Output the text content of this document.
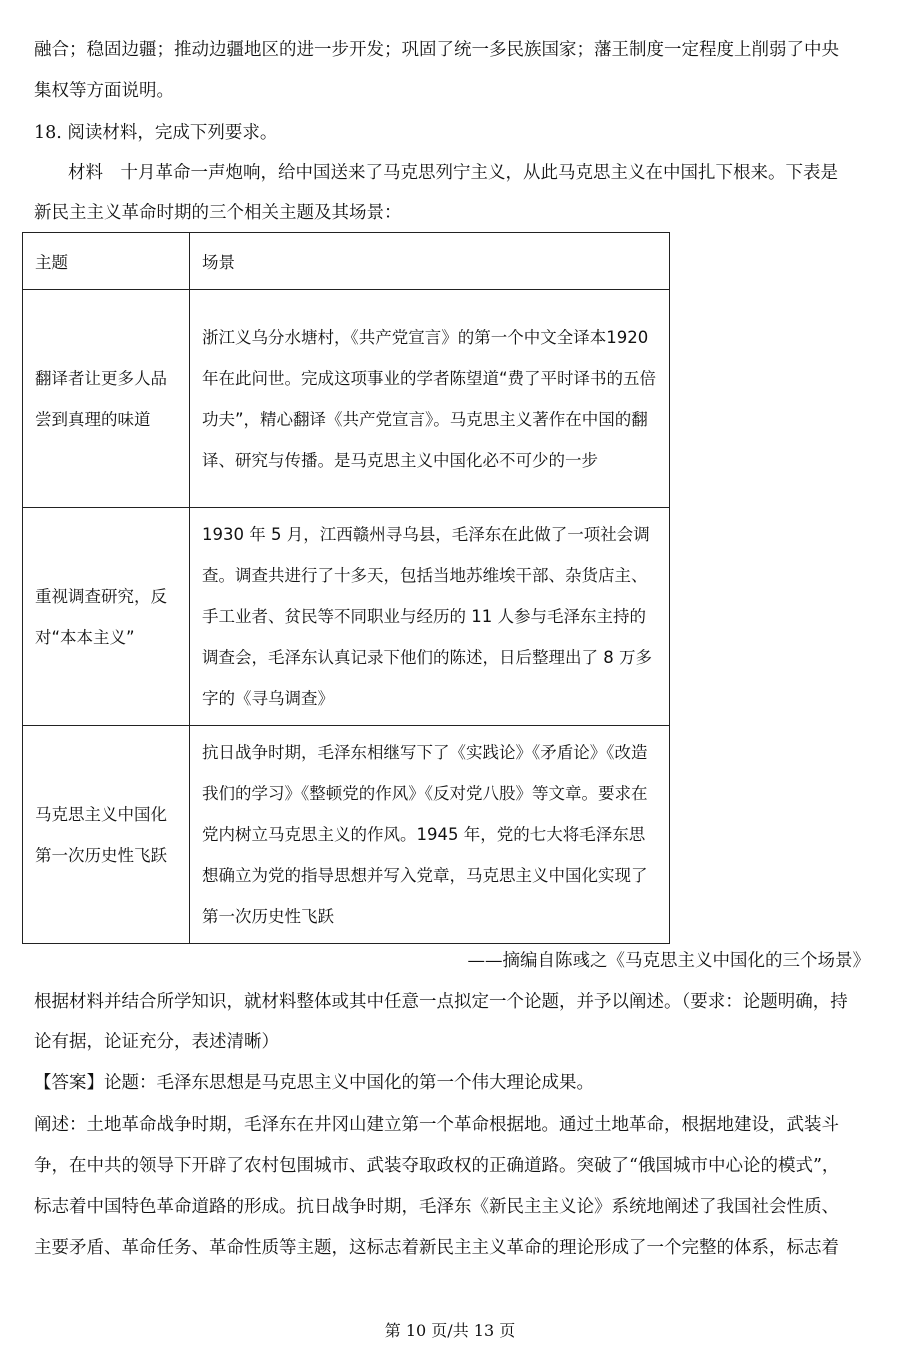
融合；稳固边疆；推动边疆地区的进一步开发；巩固了统一多民族国家；藩王制度一定程度上削弱了中央
集权等方面说明。
18. 阅读材料，完成下列要求。
材料　十月革命一声炮响，给中国送来了马克思列宁主义，从此马克思主义在中国扎下根来。下表是
新民主主义革命时期的三个相关主题及其场景：
主题	场景
翻译者让更多人品尝到真理的味道	浙江义乌分水塘村，《共产党宣言》的第一个中文全译本1920年在此问世。完成这项事业的学者陈望道“费了平时译书的五倍功夫”，精心翻译《共产党宣言》。马克思主义著作在中国的翻译、研究与传播。是马克思主义中国化必不可少的一步
重视调查研究，反对“本本主义”	1930 年 5 月，江西赣州寻乌县，毛泽东在此做了一项社会调查。调查共进行了十多天，包括当地苏维埃干部、杂货店主、手工业者、贫民等不同职业与经历的 11 人参与毛泽东主持的调查会，毛泽东认真记录下他们的陈述，日后整理出了 8 万多字的《寻乌调查》
马克思主义中国化第一次历史性飞跃	抗日战争时期，毛泽东相继写下了《实践论》《矛盾论》《改造我们的学习》《整顿党的作风》《反对党八股》等文章。要求在党内树立马克思主义的作风。1945 年，党的七大将毛泽东思想确立为党的指导思想并写入党章，马克思主义中国化实现了第一次历史性飞跃
——摘编自陈彧之《马克思主义中国化的三个场景》
根据材料并结合所学知识，就材料整体或其中任意一点拟定一个论题，并予以阐述。（要求：论题明确，持
论有据，论证充分，表述清晰）
【答案】论题：毛泽东思想是马克思主义中国化的第一个伟大理论成果。
阐述：土地革命战争时期，毛泽东在井冈山建立第一个革命根据地。通过土地革命，根据地建设，武装斗
争，在中共的领导下开辟了农村包围城市、武装夺取政权的正确道路。突破了“俄国城市中心论的模式”，
标志着中国特色革命道路的形成。抗日战争时期，毛泽东《新民主主义论》系统地阐述了我国社会性质、
主要矛盾、革命任务、革命性质等主题，这标志着新民主主义革命的理论形成了一个完整的体系，标志着
第 10 页/共 13 页
